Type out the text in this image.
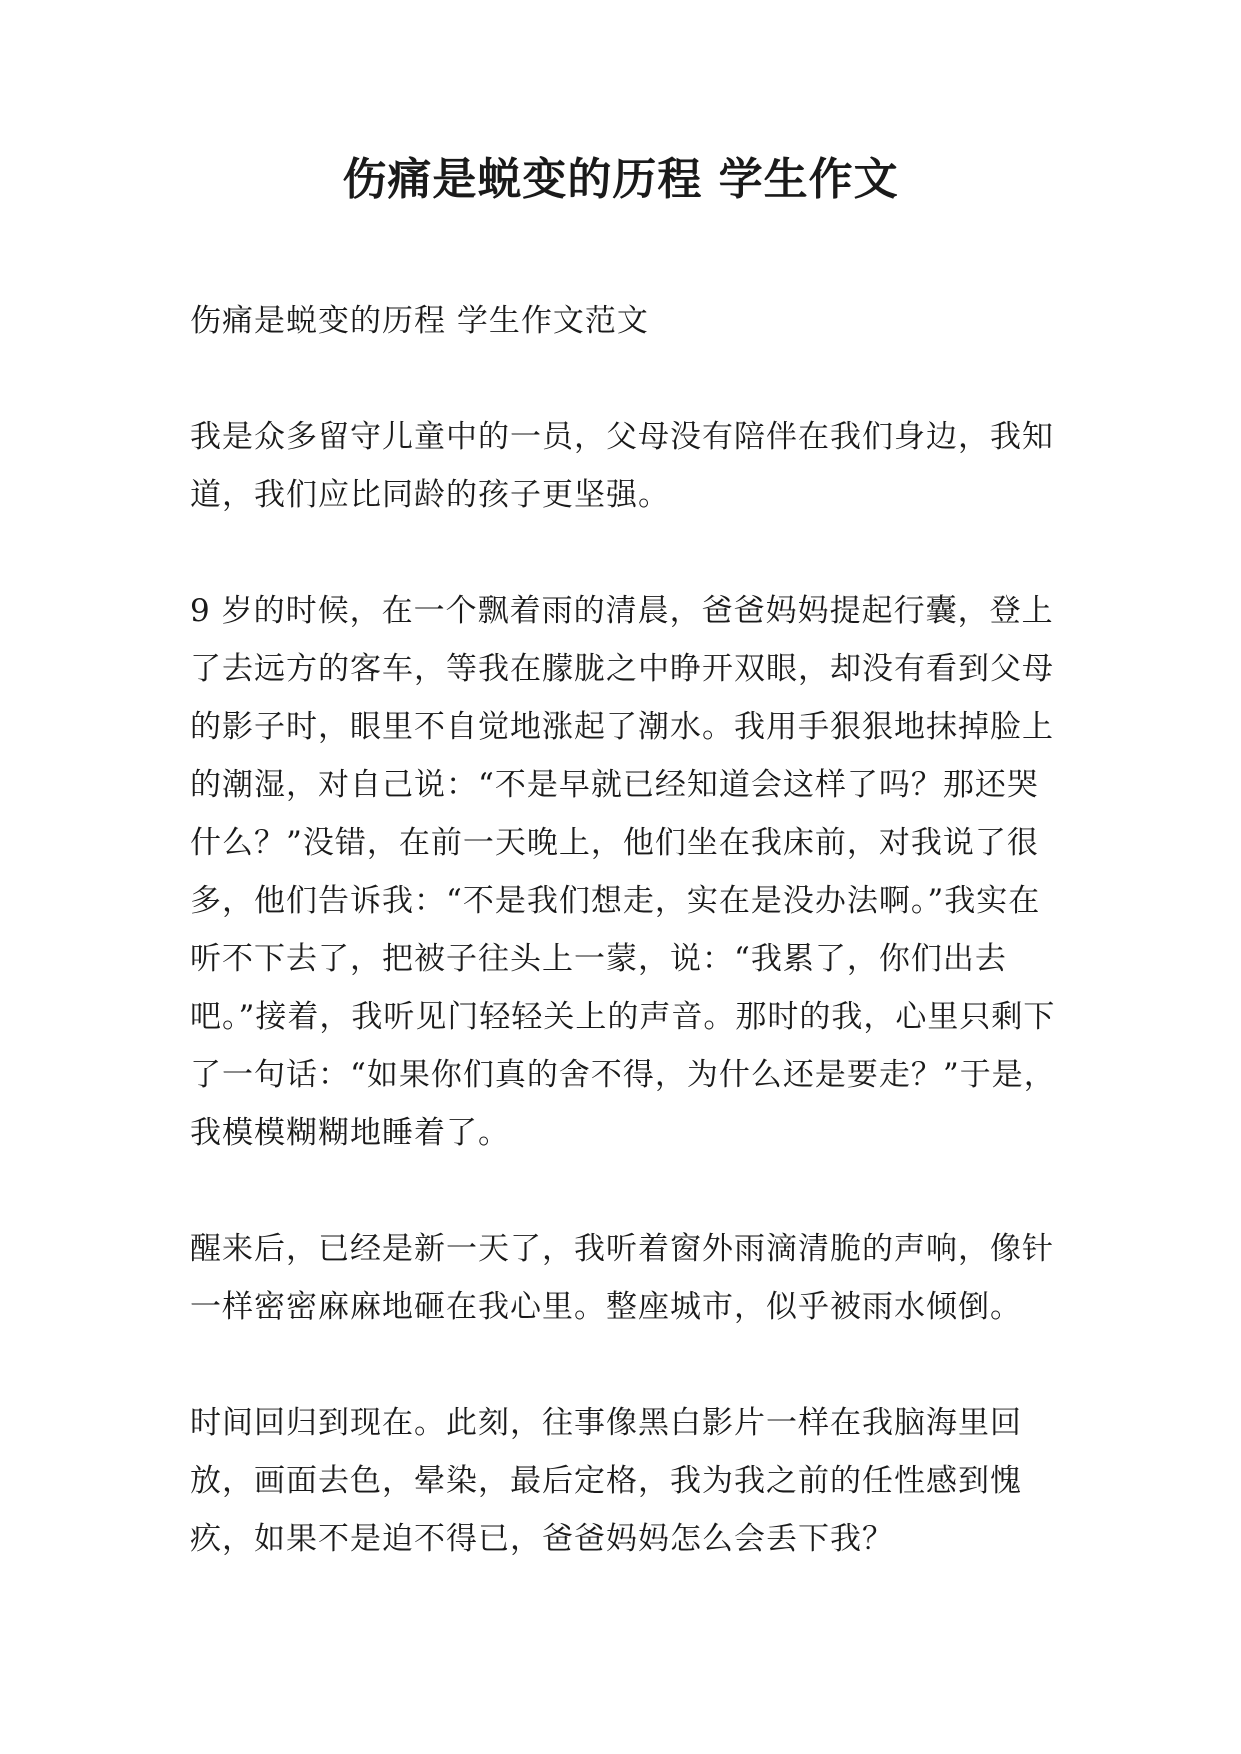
伤痛是蜕变的历程 学生作文

伤痛是蜕变的历程 学生作文范文

我是众多留守儿童中的一员，父母没有陪伴在我们身边，我知道，我们应比同龄的孩子更坚强。

9 岁的时候，在一个飘着雨的清晨，爸爸妈妈提起行囊，登上了去远方的客车，等我在朦胧之中睁开双眼，却没有看到父母的影子时，眼里不自觉地涨起了潮水。我用手狠狠地抹掉脸上的潮湿，对自己说：“不是早就已经知道会这样了吗？那还哭什么？”没错，在前一天晚上，他们坐在我床前，对我说了很多，他们告诉我：“不是我们想走，实在是没办法啊。”我实在听不下去了，把被子往头上一蒙，说：“我累了，你们出去吧。”接着，我听见门轻轻关上的声音。那时的我，心里只剩下了一句话：“如果你们真的舍不得，为什么还是要走？”于是，我模模糊糊地睡着了。

醒来后，已经是新一天了，我听着窗外雨滴清脆的声响，像针一样密密麻麻地砸在我心里。整座城市，似乎被雨水倾倒。

时间回归到现在。此刻，往事像黑白影片一样在我脑海里回放，画面去色，晕染，最后定格，我为我之前的任性感到愧疚，如果不是迫不得已，爸爸妈妈怎么会丢下我？
